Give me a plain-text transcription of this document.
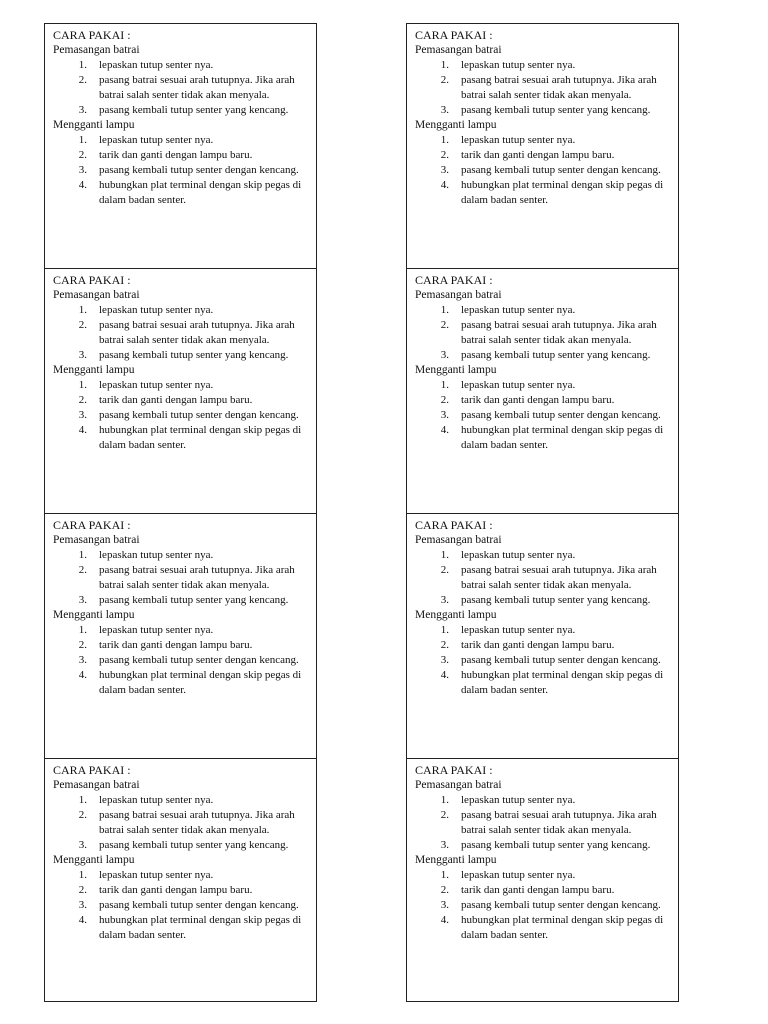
CARA PAKAI :
Pemasangan batrai
1. lepaskan tutup senter nya.
2. pasang batrai sesuai arah tutupnya. Jika arah batrai salah senter tidak akan menyala.
3. pasang kembali tutup senter yang kencang.
Mengganti lampu
1. lepaskan tutup senter nya.
2. tarik dan ganti dengan lampu baru.
3. pasang kembali tutup senter dengan kencang.
4. hubungkan plat terminal dengan skip pegas di dalam badan senter.
CARA PAKAI :
Pemasangan batrai
1. lepaskan tutup senter nya.
2. pasang batrai sesuai arah tutupnya. Jika arah batrai salah senter tidak akan menyala.
3. pasang kembali tutup senter yang kencang.
Mengganti lampu
1. lepaskan tutup senter nya.
2. tarik dan ganti dengan lampu baru.
3. pasang kembali tutup senter dengan kencang.
4. hubungkan plat terminal dengan skip pegas di dalam badan senter.
CARA PAKAI :
Pemasangan batrai
1. lepaskan tutup senter nya.
2. pasang batrai sesuai arah tutupnya. Jika arah batrai salah senter tidak akan menyala.
3. pasang kembali tutup senter yang kencang.
Mengganti lampu
1. lepaskan tutup senter nya.
2. tarik dan ganti dengan lampu baru.
3. pasang kembali tutup senter dengan kencang.
4. hubungkan plat terminal dengan skip pegas di dalam badan senter.
CARA PAKAI :
Pemasangan batrai
1. lepaskan tutup senter nya.
2. pasang batrai sesuai arah tutupnya. Jika arah batrai salah senter tidak akan menyala.
3. pasang kembali tutup senter yang kencang.
Mengganti lampu
1. lepaskan tutup senter nya.
2. tarik dan ganti dengan lampu baru.
3. pasang kembali tutup senter dengan kencang.
4. hubungkan plat terminal dengan skip pegas di dalam badan senter.
CARA PAKAI :
Pemasangan batrai
1. lepaskan tutup senter nya.
2. pasang batrai sesuai arah tutupnya. Jika arah batrai salah senter tidak akan menyala.
3. pasang kembali tutup senter yang kencang.
Mengganti lampu
1. lepaskan tutup senter nya.
2. tarik dan ganti dengan lampu baru.
3. pasang kembali tutup senter dengan kencang.
4. hubungkan plat terminal dengan skip pegas di dalam badan senter.
CARA PAKAI :
Pemasangan batrai
1. lepaskan tutup senter nya.
2. pasang batrai sesuai arah tutupnya. Jika arah batrai salah senter tidak akan menyala.
3. pasang kembali tutup senter yang kencang.
Mengganti lampu
1. lepaskan tutup senter nya.
2. tarik dan ganti dengan lampu baru.
3. pasang kembali tutup senter dengan kencang.
4. hubungkan plat terminal dengan skip pegas di dalam badan senter.
CARA PAKAI :
Pemasangan batrai
1. lepaskan tutup senter nya.
2. pasang batrai sesuai arah tutupnya. Jika arah batrai salah senter tidak akan menyala.
3. pasang kembali tutup senter yang kencang.
Mengganti lampu
1. lepaskan tutup senter nya.
2. tarik dan ganti dengan lampu baru.
3. pasang kembali tutup senter dengan kencang.
4. hubungkan plat terminal dengan skip pegas di dalam badan senter.
CARA PAKAI :
Pemasangan batrai
1. lepaskan tutup senter nya.
2. pasang batrai sesuai arah tutupnya. Jika arah batrai salah senter tidak akan menyala.
3. pasang kembali tutup senter yang kencang.
Mengganti lampu
1. lepaskan tutup senter nya.
2. tarik dan ganti dengan lampu baru.
3. pasang kembali tutup senter dengan kencang.
4. hubungkan plat terminal dengan skip pegas di dalam badan senter.
